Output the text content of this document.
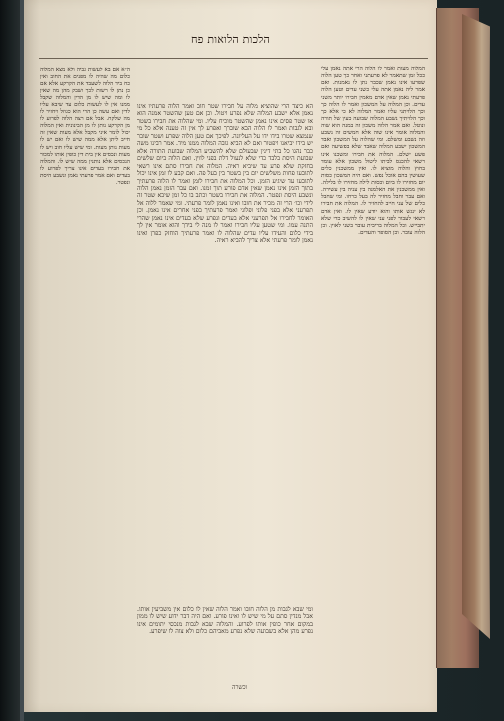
הלכות הלואות פח
ה״א אם בא לעשות גביה ולא מצא המלוה כלום מה שהיה לו מפנים את החוב ואין כח ביד הלוה לשעבד את הקרקע אלא אם כן נתן לו רשות לכך ושבק מהן מה שאין לו ומה שיש לו מן הדין והמלוה שקבל ממנו אין לו לעשות כלום עד שיבא עליו לדין ואם עשה כן הרי הוא כגוזל ויחזיר לו מה שלקח. אבל אם רצה הלוה לפרוע לו מן הקרקע נותן לו מן הבינונית ואין המלוה יכול לומר איני מקבל אלא מעות שאין זה חייב ליתן אלא ממה שיש לו ואם יש לו מעות נותן מעות. ומי שיש עליו חוב ויש לו מעות ונכסים אין בית דין כופין אותו למכור הנכסים אלא נותנין ממה שיש לו. והמלוה את חבירו בעדים אינו צריך לפרוע לו בעדים ואם אמר פרעתי נאמן ונשבע היסת ונפטר.
הא כיצד הרי שהוציא מלוה על חבירו שטר חוב ואמר הלוה פרעתיו אינו נאמן אלא ישבע המלוה שלא נפרע ויטול. וכן אם טען שהשטר אמנה הוא או שטר פסים אינו נאמן שהשטר מוכיח עליו. ומי שהלוה את חבירו בשטר ובא לגבות ואמר לו הלוה הבא שוברך ואפרע לך אין זה טענה אלא כל מי שנמצא שטרו בידו ידו על העליונה. לפיכך אם טען הלוה שפרע ושטר שובר יש בידו יביאנו ויפטור ואם לא הביא גובה המלוה ממנו מיד. אמר רבינו משה כבר נהגו כל בתי דינין שבעולם שלא להשביע המלוה שבועת התורה אלא שבועת היסת בלבד כדי שלא לנעול דלת בפני לווין. ואם הלוה ביום שלשים בחזקת שלא פרע עד שיביא ראיה. המלוה את חבירו סתם אינו רשאי לתובעו פחות משלשים יום בין בשטר בין בעל פה. ואם קבע לו זמן אינו יכול לתובעו עד שיגיע הזמן. וכל המלוה את חבירו לזמן ואמר לו הלוה פרעתיך בתוך הזמן אינו נאמן שאין אדם פורע תוך זמנו. ואם עבר הזמן נאמן הלוה ונשבע היסת ונפטר. המלוה את חבירו בשטר וכתב בו כל זמן שיבא שטר זה לידי וכו׳ הרי זה מכיר את חובו ואינו נאמן לומר פרעתי. ומי שאמר ללוה אל תפרעני אלא בפני פלוני ופלוני ואמר פרעתיך בפני אחרים אינו נאמן. וכן האומר לחבירו אל תפרעני אלא בעדים ונפרע שלא בעדים אינו נאמן שהרי התנה עמו. ומי שטען עליו חבירו ואמר לו מנה לי בידך והוא אומר אין לך בידי כלום והעידו עליו עדים שהלוה לו ואמר פרעתיך הוחזק כפרן ואינו נאמן לומר פרעתי אלא צריך להביא ראיה.
המלוה מעות ואמר לו הלוה הרי אתה נאמן עלי ככל זמן שתאמר לא פרעתני ואחר כך טען הלוה שפרעו אינו נאמן שכבר נתן לו נאמנות. ואם אמר ליה נאמן אתה עלי כשני עדים וטען הלוה פרעתי נאמן שאין אדם מאמין חבירו יותר משני עדים. וכן המלוה על המשכון ואמר לו הלוה כך וכך הלויתני עליו ואמר המלוה לא כי אלא כך וכך הלויתיך נשבע המלוה שבועה כעין של תורה ונוטל. ואם אמר הלוה משכון זה במנה הוא שוה והמלוה אומר אינו שוה אלא חמשים זה נשבע וזה נשבע ומשלם. ומי שהלוה על המשכון ואבד המשכון ישבע המלוה שאבד שלא בפשיעה ואם פשע ישלם. המלוה את חבירו ומשכנו אינו רשאי להכנס לביתו ליטול משכון אלא עומד בחוץ והלוה מוציא לו. ואין ממשכנין כלים שעושין בהם אוכל נפש. ואם היה המשכון כסות יום מחזירו לו ביום וכסות לילה מחזירו לו בלילה. ואין ממשכנין את האלמנה בין עניה בין עשירה. ואם עבר וחבל מחזיר לה בעל כרחו. ומי שחבל כלים של עני חייב להחזיר לו. המלוה את חבירו לא ינגש אותו והוא יודע שאין לו. ואין אדם רשאי לעבור לפני עני שאין לו להשיב כדי שלא יתבייש. וכל המלוה בריבית עובר בשני לאוין. וכן הלוה עובר. וכן הסופר והעדים.
ומי שבא לגבות מן הלוה חובו ואמר הלוה שאין לו כלום אין משביעין אותו. אבל מנדין סתם על מי שיש לו ואינו פורע. ואם היה דבר ידוע שיש לו ממון במקום אחר כופין אותו לפרוע. והמלוה שבא לגבות מנכסי יתומים אינו נפרע מהן אלא בשבועה שלא נפרע מאביהם כלום ולא צוה לו שיפרע.
וכשרה
